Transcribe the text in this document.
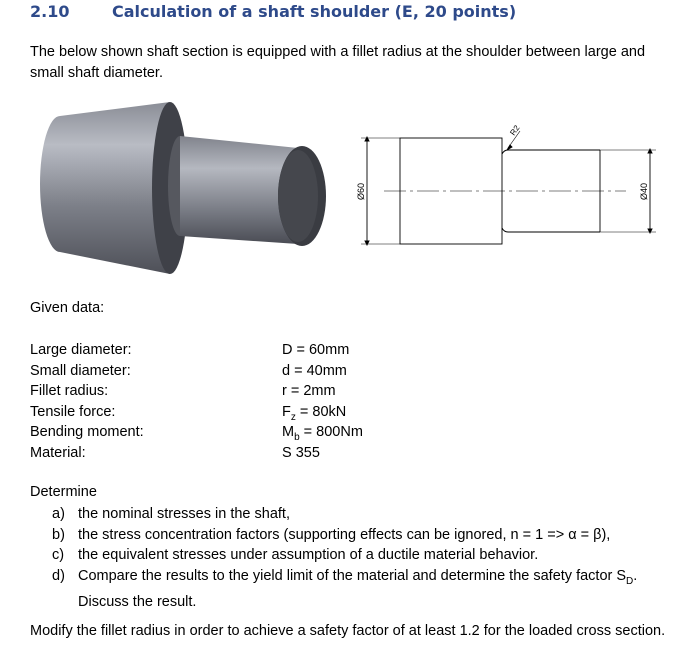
2.10	Calculation of a shaft shoulder (E, 20 points)
The below shown shaft section is equipped with a fillet radius at the shoulder between large and small shaft diameter.
Ø60	Ø40
R2
Given data:
Large diameter:	D = 60mm
Small diameter:	d = 40mm
Fillet radius:	r = 2mm
Tensile force:	$F_z = 80kN$
Bending moment:	$M_b = 800Nm$
Material:	S 355
Determine
a) the nominal stresses in the shaft,
b) the stress concentration factors (supporting effects can be ignored, n = 1 => α = β),
c) the equivalent stresses under assumption of a ductile material behavior.
d) Compare the results to the yield limit of the material and determine the safety factor $S_D$. Discuss the result.
Modify the fillet radius in order to achieve a safety factor of at least 1.2 for the loaded cross section.
